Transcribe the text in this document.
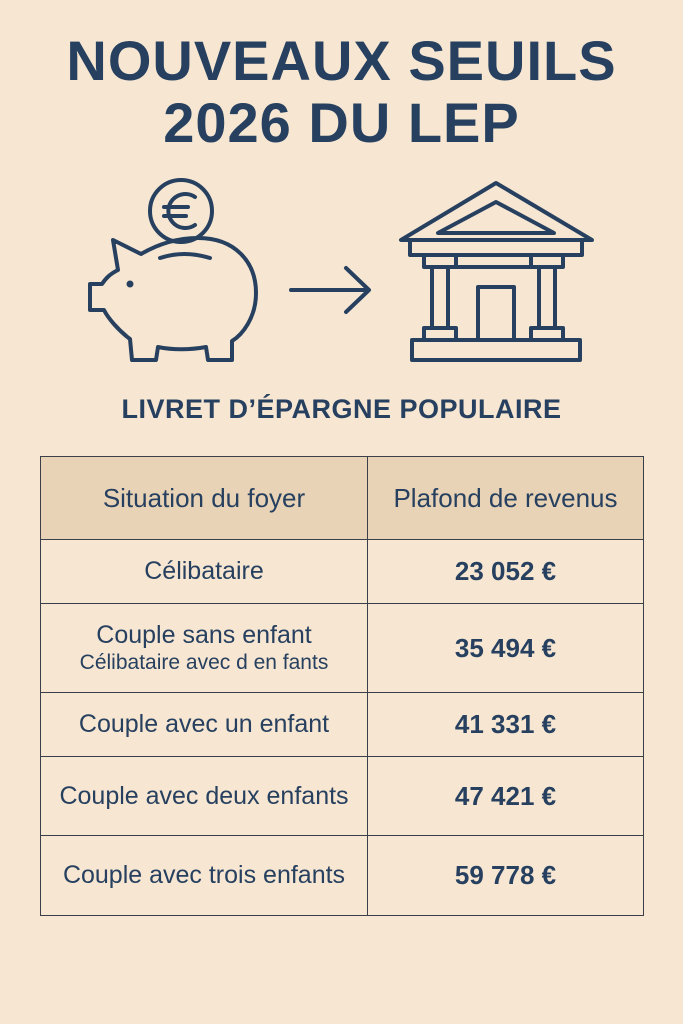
NOUVEAUX SEUILS
2026 DU LEP
LIVRET D’ÉPARGNE POPULAIRE
Situation du foyer	Plafond de revenus
Célibataire	23 052 €

Couple sans enfant
Célibataire avec d en fants	35 494 €
Couple avec un enfant	41 331 €
Couple avec deux enfants	47 421 €
Couple avec trois enfants	59 778 €
